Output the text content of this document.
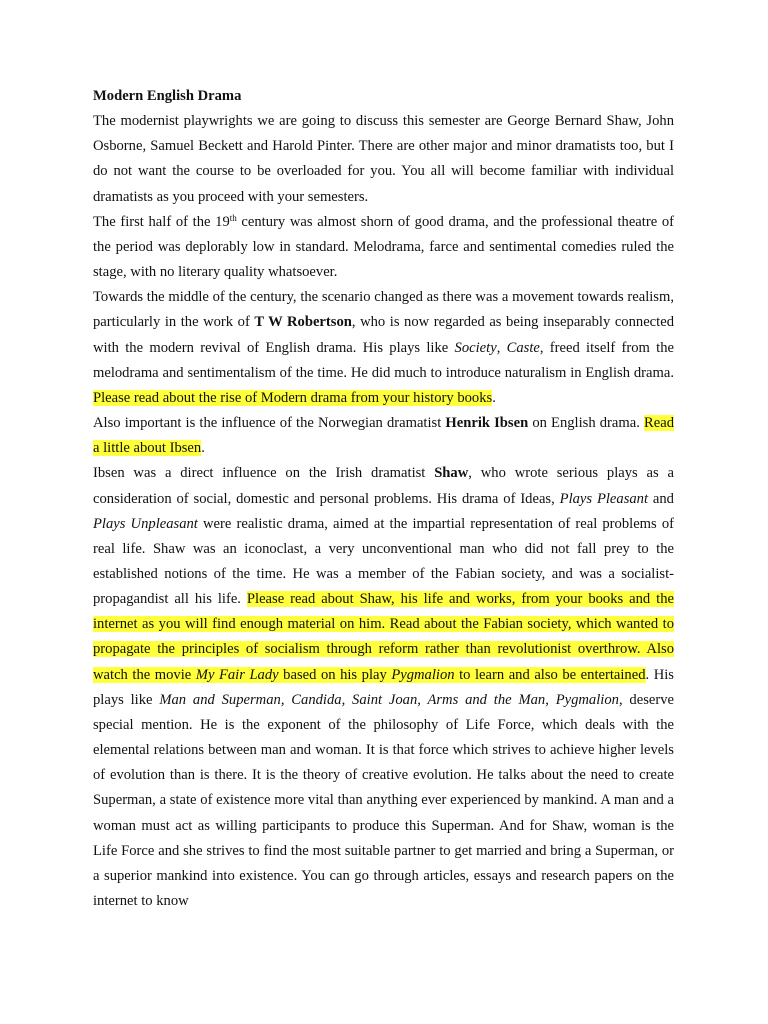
Modern English Drama

The modernist playwrights we are going to discuss this semester are George Bernard Shaw, John Osborne, Samuel Beckett and Harold Pinter. There are other major and minor dramatists too, but I do not want the course to be overloaded for you. You all will become familiar with individual dramatists as you proceed with your semesters.

The first half of the 19th century was almost shorn of good drama, and the professional theatre of the period was deplorably low in standard. Melodrama, farce and sentimental comedies ruled the stage, with no literary quality whatsoever.

Towards the middle of the century, the scenario changed as there was a movement towards realism, particularly in the work of T W Robertson, who is now regarded as being inseparably connected with the modern revival of English drama. His plays like Society, Caste, freed itself from the melodrama and sentimentalism of the time. He did much to introduce naturalism in English drama. Please read about the rise of Modern drama from your history books.

Also important is the influence of the Norwegian dramatist Henrik Ibsen on English drama. Read a little about Ibsen.

Ibsen was a direct influence on the Irish dramatist Shaw, who wrote serious plays as a consideration of social, domestic and personal problems. His drama of Ideas, Plays Pleasant and Plays Unpleasant were realistic drama, aimed at the impartial representation of real problems of real life. Shaw was an iconoclast, a very unconventional man who did not fall prey to the established notions of the time. He was a member of the Fabian society, and was a socialist-propagandist all his life. Please read about Shaw, his life and works, from your books and the internet as you will find enough material on him. Read about the Fabian society, which wanted to propagate the principles of socialism through reform rather than revolutionist overthrow. Also watch the movie My Fair Lady based on his play Pygmalion to learn and also be entertained. His plays like Man and Superman, Candida, Saint Joan, Arms and the Man, Pygmalion, deserve special mention. He is the exponent of the philosophy of Life Force, which deals with the elemental relations between man and woman. It is that force which strives to achieve higher levels of evolution than is there. It is the theory of creative evolution. He talks about the need to create Superman, a state of existence more vital than anything ever experienced by mankind. A man and a woman must act as willing participants to produce this Superman. And for Shaw, woman is the Life Force and she strives to find the most suitable partner to get married and bring a Superman, or a superior mankind into existence. You can go through articles, essays and research papers on the internet to know
